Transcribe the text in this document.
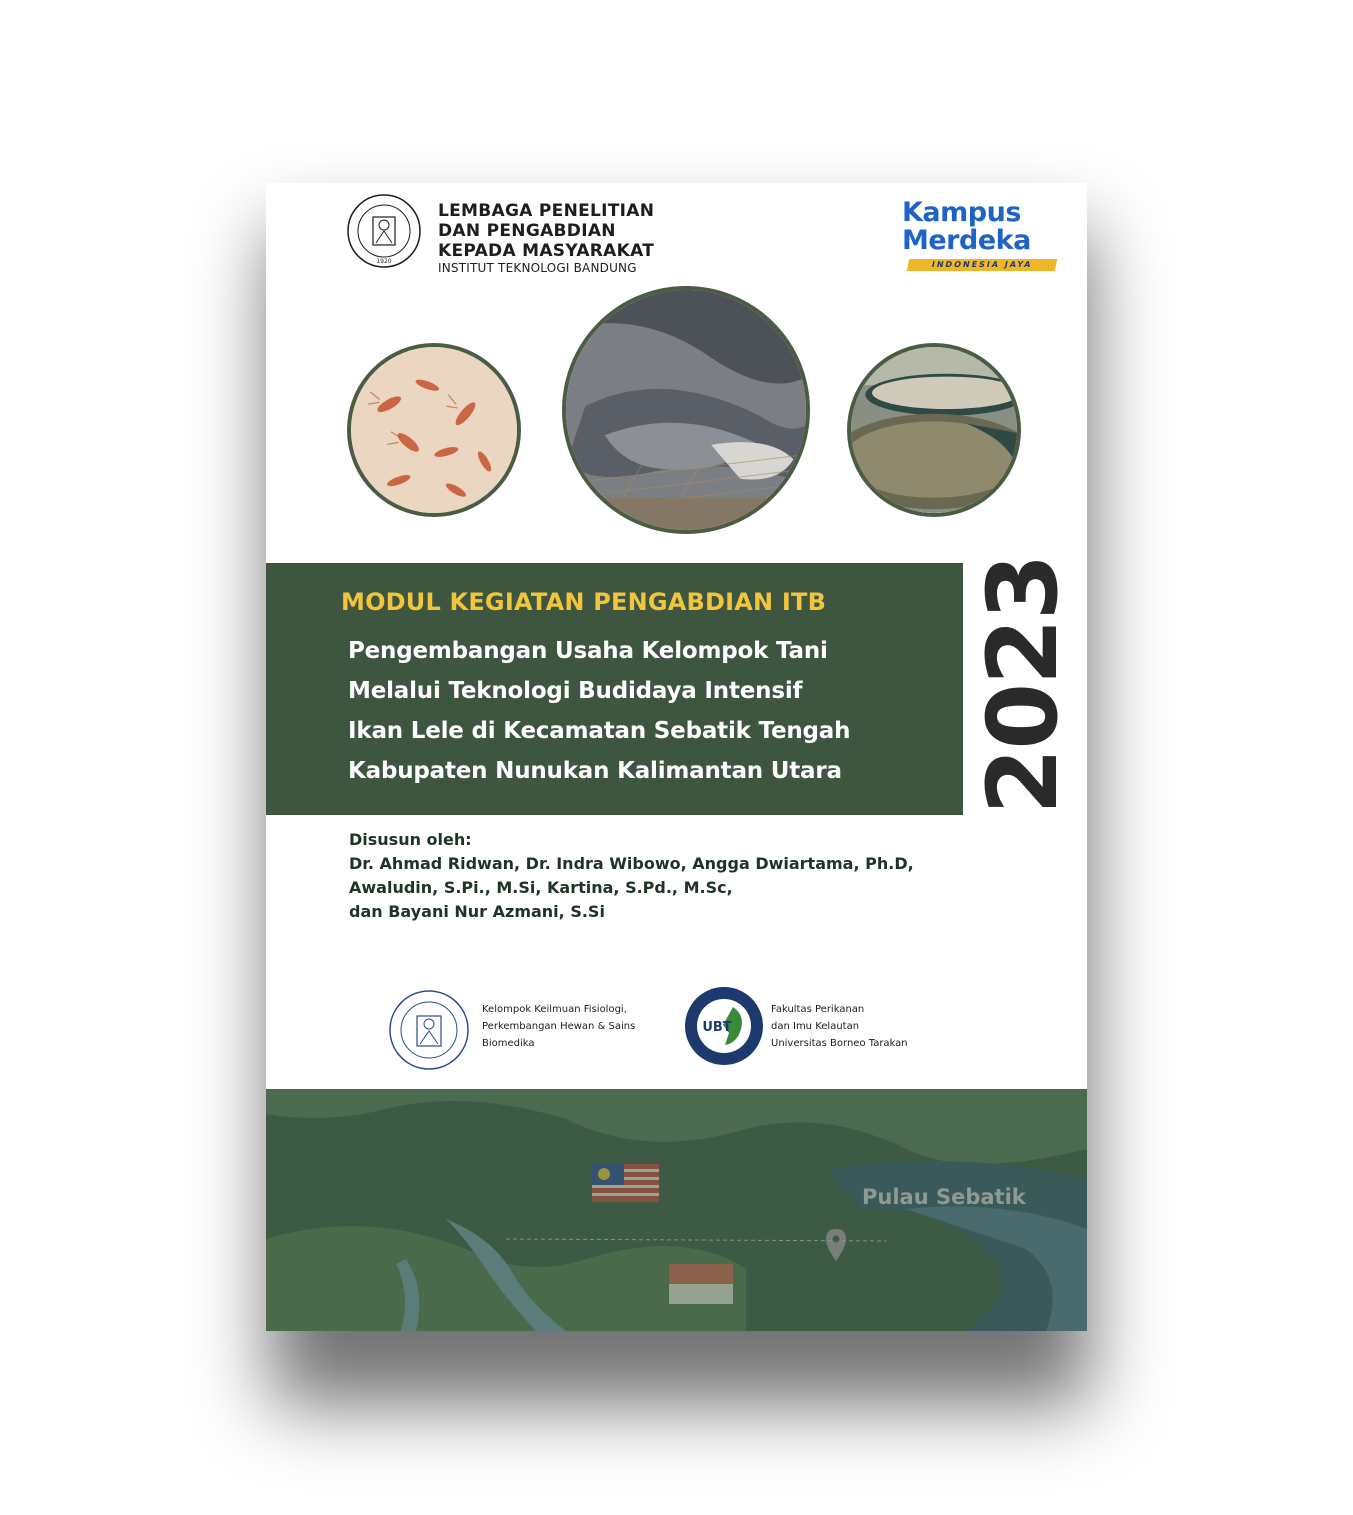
1920
LEMBAGA PENELITIAN
DAN PENGABDIAN
KEPADA MASYARAKAT
INSTITUT TEKNOLOGI BANDUNG
Kampus
Merdeka
INDONESIA JAYA
MODUL KEGIATAN PENGABDIAN ITB
Pengembangan Usaha Kelompok Tani
Melalui Teknologi Budidaya Intensif
Ikan Lele di Kecamatan Sebatik Tengah
Kabupaten Nunukan Kalimantan Utara 2023
Disusun oleh:
Dr. Ahmad Ridwan, Dr. Indra Wibowo, Angga Dwiartama, Ph.D,
Awaludin, S.Pi., M.Si, Kartina, S.Pd., M.Sc,
dan Bayani Nur Azmani, S.Si
Kelompok Keilmuan Fisiologi,
Perkembangan Hewan & Sains
Biomedika
UBT
Fakultas Perikanan
dan Imu Kelautan
Universitas Borneo Tarakan
Pulau Sebatik
